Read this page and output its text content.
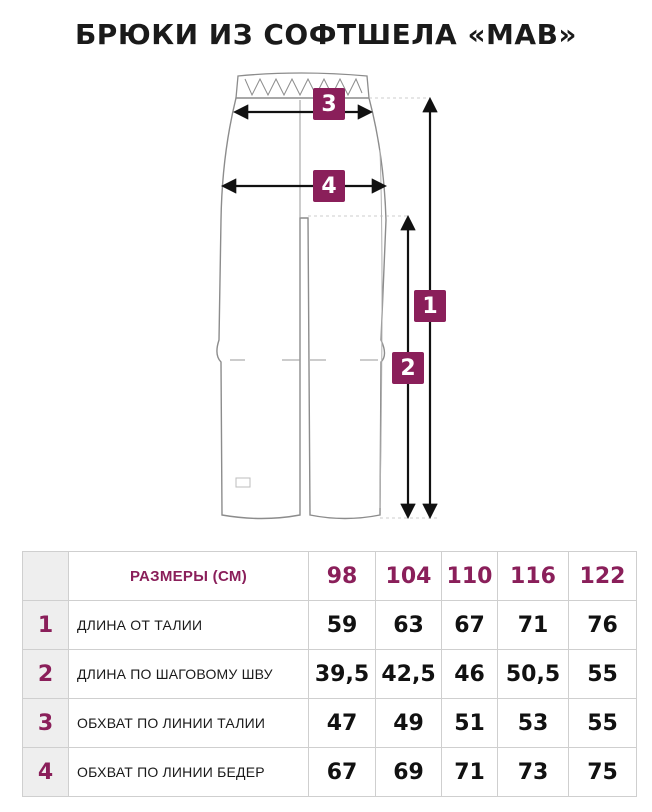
БРЮКИ ИЗ СОФТШЕЛА «MAB»
3
4
1
2
	РАЗМЕРЫ (СМ)	98	104	110	116	122
1	ДЛИНА ОТ ТАЛИИ	59	63	67	71	76
2	ДЛИНА ПО ШАГОВОМУ ШВУ	39,5	42,5	46	50,5	55
3	ОБХВАТ ПО ЛИНИИ ТАЛИИ	47	49	51	53	55
4	ОБХВАТ ПО ЛИНИИ БЕДЕР	67	69	71	73	75
